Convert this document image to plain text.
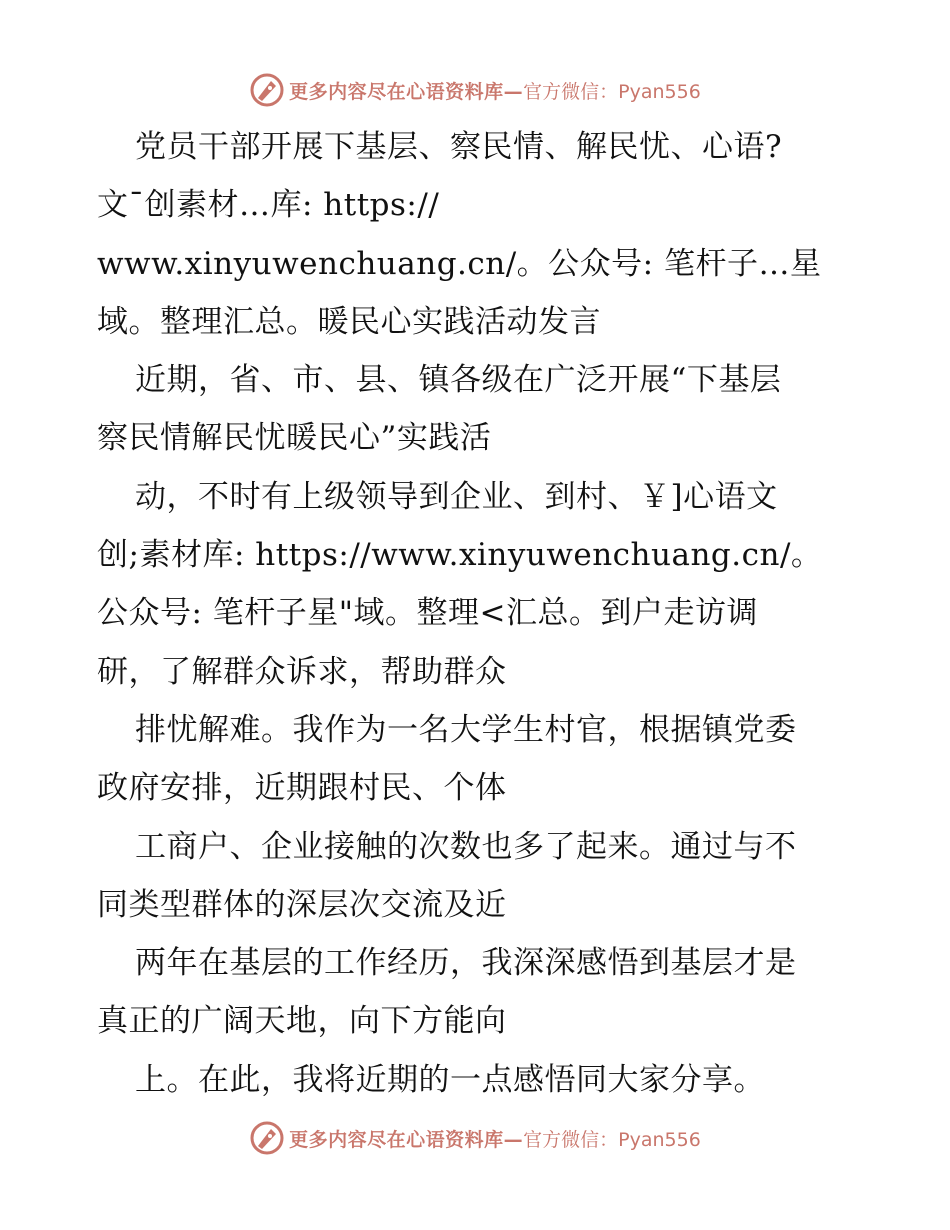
更多内容尽在心语资料库— 官方微信：Pyan556

党员干部开展下基层、察民情、解民忧、心语?
文¯创素材…库: https://
www.xinyuwenchuang.cn/。公众号: 笔杆子…星
域。整理汇总。暖民心实践活动发言

近期，省、市、县、镇各级在广泛开展“下基层
察民情解民忧暖民心”实践活

动，不时有上级领导到企业、到村、￥]心语文
创;素材库: https://www.xinyuwenchuang.cn/。
公众号: 笔杆子星"域。整理<汇总。到户走访调
研，了解群众诉求，帮助群众

排忧解难。我作为一名大学生村官，根据镇党委
政府安排，近期跟村民、个体

工商户、企业接触的次数也多了起来。通过与不
同类型群体的深层次交流及近

两年在基层的工作经历，我深深感悟到基层才是
真正的广阔天地，向下方能向

上。在此，我将近期的一点感悟同大家分享。

更多内容尽在心语资料库— 官方微信：Pyan556
